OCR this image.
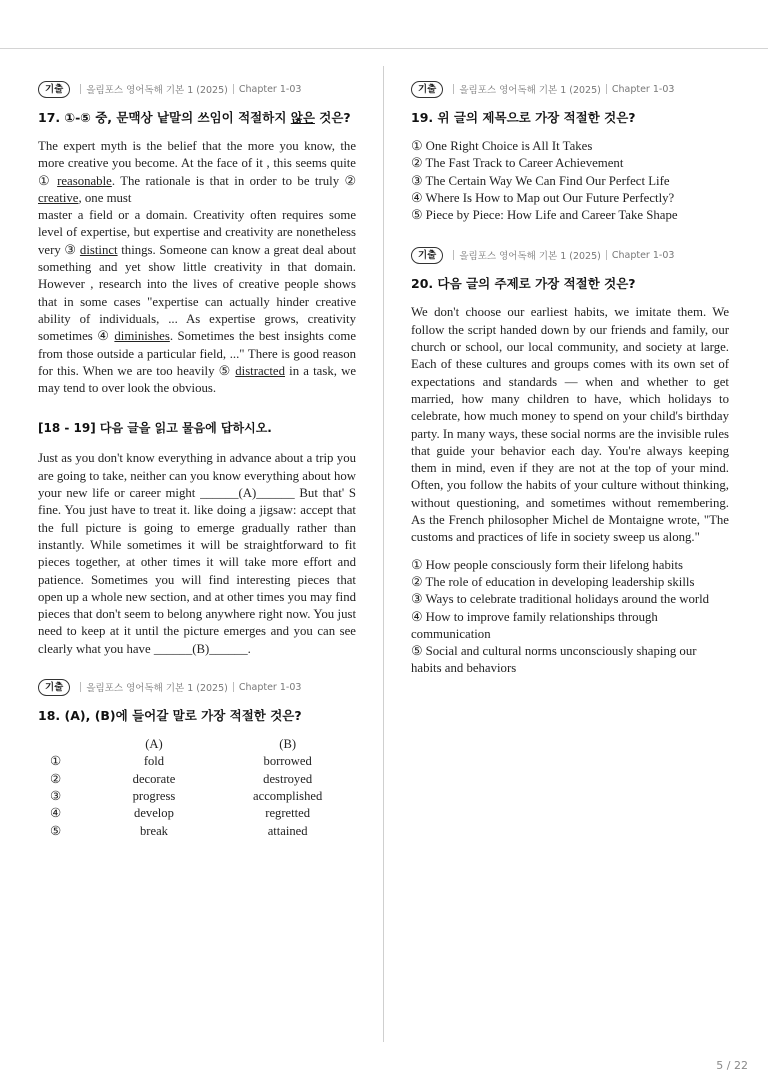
기출	올림포스 영어독해 기본 1 (2025) Chapter 1-03
17. ①-⑤ 중, 문맥상 낱말의 쓰임이 적절하지 않은 것은?

The expert myth is the belief that the more you know, the more creative you become. At the face of it , this seems quite ① reasonable. The rationale is that in order to be truly ② creative, one must
master a field or a domain. Creativity often requires some level of expertise, but expertise and creativity are nonetheless very ③ distinct things. Someone can know a great deal about something and yet show little creativity in that domain. However , research into the lives of creative people shows that in some cases "expertise can actually hinder creative ability of individuals, ... As expertise grows, creativity sometimes ④ diminishes. Sometimes the best insights come from those outside a particular field, ..." There is good reason for this. When we are too heavily ⑤ distracted in a task, we may tend to over look the obvious.

[18 - 19] 다음 글을 읽고 물음에 답하시오.

Just as you don't know everything in advance about a trip you are going to take, neither can you know everything about how your new life or career might ______(A)______ But that' S fine. You just have to treat it. like doing a jigsaw: accept that the full picture is going to emerge gradually rather than instantly. While sometimes it will be straightforward to fit pieces together, at other times it will take more effort and patience. Sometimes you will find interesting pieces that open up a whole new section, and at other times you may find pieces that don't seem to belong anywhere right now. You just need to keep at it until the picture emerges and you can see clearly what you have ______(B)______.

기출	올림포스 영어독해 기본 1 (2025) Chapter 1-03
18. (A), (B)에 들어갈 말로 가장 적절한 것은?
	(A)	(B)
①	fold	borrowed
②	decorate	destroyed
③	progress	accomplished
④	develop	regretted
⑤	break	attained
기출	올림포스 영어독해 기본 1 (2025) Chapter 1-03
19. 위 글의 제목으로 가장 적절한 것은?
① One Right Choice is All It Takes
② The Fast Track to Career Achievement
③ The Certain Way We Can Find Our Perfect Life
④ Where Is How to Map out Our Future Perfectly?
⑤ Piece by Piece: How Life and Career Take Shape
기출	올림포스 영어독해 기본 1 (2025) Chapter 1-03
20. 다음 글의 주제로 가장 적절한 것은?

We don't choose our earliest habits, we imitate them. We follow the script handed down by our friends and family, our church or school, our local community, and society at large. Each of these cultures and groups comes with its own set of expectations and standards — when and whether to get married, how many children to have, which holidays to celebrate, how much money to spend on your child's birthday party. In many ways, these social norms are the invisible rules that guide your behavior each day. You're always keeping them in mind, even if they are not at the top of your mind. Often, you follow the habits of your culture without thinking, without questioning, and sometimes without remembering. As the French philosopher Michel de Montaigne wrote, "The customs and practices of life in society sweep us along."

① How people consciously form their lifelong habits
② The role of education in developing leadership skills
③ Ways to celebrate traditional holidays around the world
④ How to improve family relationships through communication
⑤ Social and cultural norms unconsciously shaping our habits and behaviors
5 / 22
